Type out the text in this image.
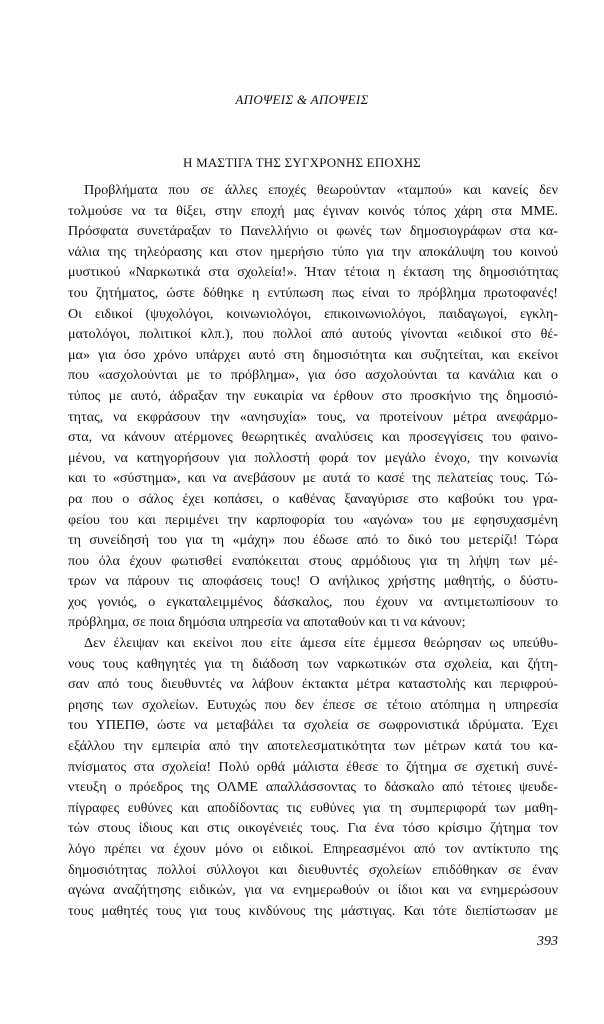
ΑΠΟΨΕΙΣ & ΑΠΟΨΕΙΣ
Η ΜΑΣΤΙΓΑ ΤΗΣ ΣΥΓΧΡΟΝΗΣ ΕΠΟΧΗΣ
Προβλήματα που σε άλλες εποχές θεωρούνταν «ταμπού» και κανείς δεν
τολμούσε να τα θίξει, στην εποχή μας έγιναν κοινός τόπος χάρη στα ΜΜΕ.
Πρόσφατα συνετάραξαν το Πανελλήνιο οι φωνές των δημοσιογράφων στα κα-
νάλια της τηλεόρασης και στον ημερήσιο τύπο για την αποκάλυψη του κοινού
μυστικού «Ναρκωτικά στα σχολεία!». Ήταν τέτοια η έκταση της δημοσιότητας
του ζητήματος, ώστε δόθηκε η εντύπωση πως είναι το πρόβλημα πρωτοφανές!
Οι ειδικοί (ψυχολόγοι, κοινωνιολόγοι, επικοινωνιολόγοι, παιδαγωγοί, εγκλη-
ματολόγοι, πολιτικοί κλπ.), που πολλοί από αυτούς γίνονται «ειδικοί στο θέ-
μα» για όσο χρόνο υπάρχει αυτό στη δημοσιότητα και συζητείται, και εκείνοι
που «ασχολούνται με το πρόβλημα», για όσο ασχολούνται τα κανάλια και ο
τύπος με αυτό, άδραξαν την ευκαιρία να έρθουν στο προσκήνιο της δημοσιό-
τητας, να εκφράσουν την «ανησυχία» τους, να προτείνουν μέτρα ανεφάρμο-
στα, να κάνουν ατέρμονες θεωρητικές αναλύσεις και προσεγγίσεις του φαινο-
μένου, να κατηγορήσουν για πολλοστή φορά τον μεγάλο ένοχο, την κοινωνία
και το «σύστημα», και να ανεβάσουν με αυτά το κασέ της πελατείας τους. Τώ-
ρα που ο σάλος έχει κοπάσει, ο καθένας ξαναγύρισε στο καβούκι του γρα-
φείου του και περιμένει την καρποφορία του «αγώνα» του με εφησυχασμένη
τη συνείδησή του για τη «μάχη» που έδωσε από το δικό του μετερίζι! Τώρα
που όλα έχουν φωτισθεί εναπόκειται στους αρμόδιους για τη λήψη των μέ-
τρων να πάρουν τις αποφάσεις τους! Ο ανήλικος χρήστης μαθητής, ο δύστυ-
χος γονιός, ο εγκαταλειμμένος δάσκαλος, που έχουν να αντιμετωπίσουν το
πρόβλημα, σε ποια δημόσια υπηρεσία να αποταθούν και τι να κάνουν;
Δεν έλειψαν και εκείνοι που είτε άμεσα είτε έμμεσα θεώρησαν ως υπεύθυ-
νους τους καθηγητές για τη διάδοση των ναρκωτικών στα σχολεία, και ζήτη-
σαν από τους διευθυντές να λάβουν έκτακτα μέτρα καταστολής και περιφρού-
ρησης των σχολείων. Ευτυχώς που δεν έπεσε σε τέτοιο ατόπημα η υπηρεσία
του ΥΠΕΠΘ, ώστε να μεταβάλει τα σχολεία σε σωφρονιστικά ιδρύματα. Έχει
εξάλλου την εμπειρία από την αποτελεσματικότητα των μέτρων κατά του κα-
πνίσματος στα σχολεία! Πολύ ορθά μάλιστα έθεσε το ζήτημα σε σχετική συνέ-
ντευξη ο πρόεδρος της ΟΛΜΕ απαλλάσσοντας το δάσκαλο από τέτοιες ψευδε-
πίγραφες ευθύνες και αποδίδοντας τις ευθύνες για τη συμπεριφορά των μαθη-
τών στους ίδιους και στις οικογένειές τους. Για ένα τόσο κρίσιμο ζήτημα τον
λόγο πρέπει να έχουν μόνο οι ειδικοί. Επηρεασμένοι από τον αντίκτυπο της
δημοσιότητας πολλοί σύλλογοι και διευθυντές σχολείων επιδόθηκαν σε έναν
αγώνα αναζήτησης ειδικών, για να ενημερωθούν οι ίδιοι και να ενημερώσουν
τους μαθητές τους για τους κινδύνους της μάστιγας. Και τότε διεπίστωσαν με
393
